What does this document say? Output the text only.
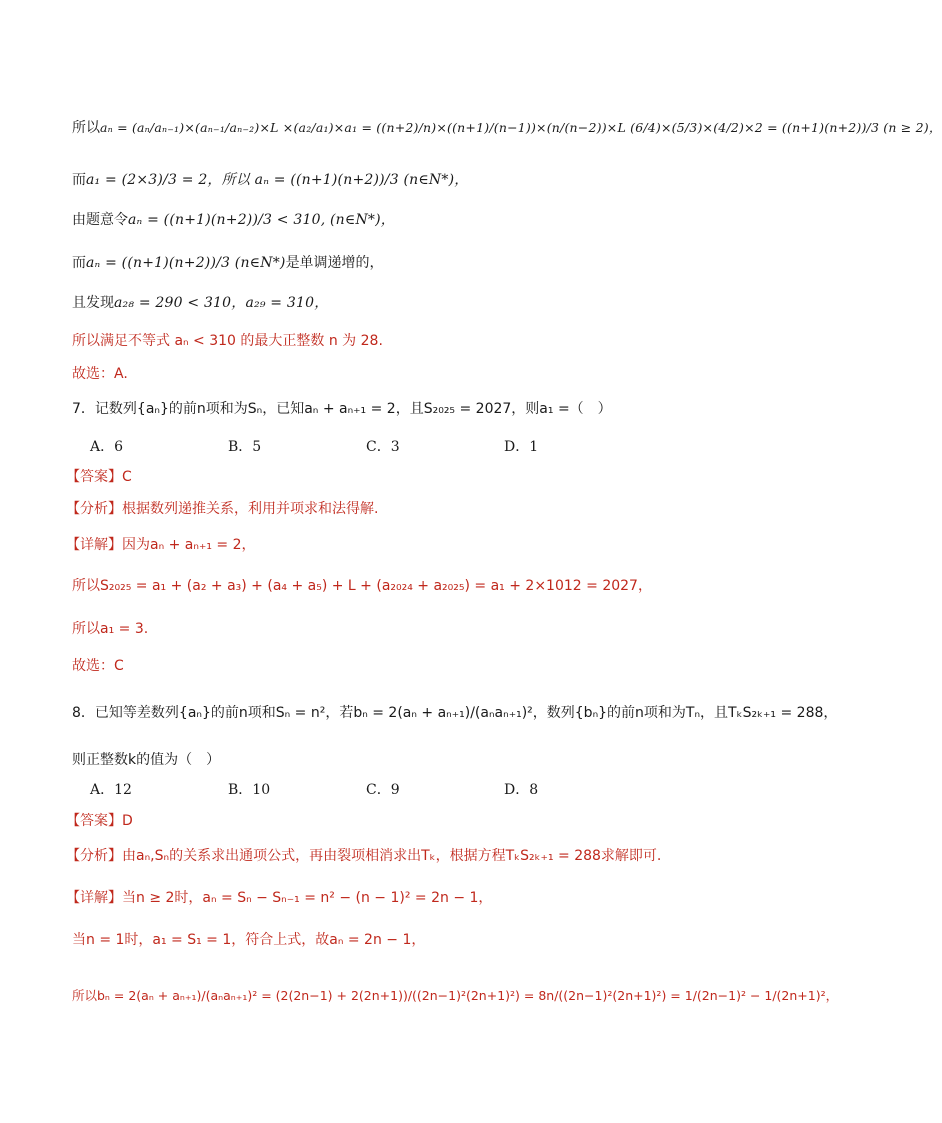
所以aₙ = (aₙ/aₙ₋₁)×(aₙ₋₁/aₙ₋₂)×L ×(a₂/a₁)×a₁ = ((n+2)/n)×((n+1)/(n−1))×(n/(n−2))×L (6/4)×(5/3)×(4/2)×2 = ((n+1)(n+2))/3 (n ≥ 2)，
而a₁ = (2×3)/3 = 2，所以 aₙ = ((n+1)(n+2))/3 (n∈N*)，
由题意令aₙ = ((n+1)(n+2))/3 < 310, (n∈N*)，
而aₙ = ((n+1)(n+2))/3 (n∈N*)是单调递增的，
且发现a₂₈ = 290 < 310，a₂₉ = 310，
所以满足不等式 aₙ < 310 的最大正整数 n 为 28.
故选：A.
7．记数列{aₙ}的前n项和为Sₙ，已知aₙ + aₙ₊₁ = 2，且S₂₀₂₅ = 2027，则a₁ =（　）
A．6	B．5	C．3	D．1
【答案】C
【分析】根据数列递推关系，利用并项求和法得解.
【详解】因为aₙ + aₙ₊₁ = 2，
所以S₂₀₂₅ = a₁ + (a₂ + a₃) + (a₄ + a₅) + L + (a₂₀₂₄ + a₂₀₂₅) = a₁ + 2×1012 = 2027，
所以a₁ = 3.
故选：C
8．已知等差数列{aₙ}的前n项和Sₙ = n²，若bₙ = 2(aₙ + aₙ₊₁)/(aₙaₙ₊₁)²，数列{bₙ}的前n项和为Tₙ，且TₖS₂ₖ₊₁ = 288，
则正整数k的值为（　）
A．12	B．10	C．9	D．8
【答案】D
【分析】由aₙ,Sₙ的关系求出通项公式，再由裂项相消求出Tₖ，根据方程TₖS₂ₖ₊₁ = 288求解即可.
【详解】当n ≥ 2时，aₙ = Sₙ − Sₙ₋₁ = n² − (n − 1)² = 2n − 1，
当n = 1时，a₁ = S₁ = 1，符合上式，故aₙ = 2n − 1，
所以bₙ = 2(aₙ + aₙ₊₁)/(aₙaₙ₊₁)² = (2(2n−1) + 2(2n+1))/((2n−1)²(2n+1)²) = 8n/((2n−1)²(2n+1)²) = 1/(2n−1)² − 1/(2n+1)²，
